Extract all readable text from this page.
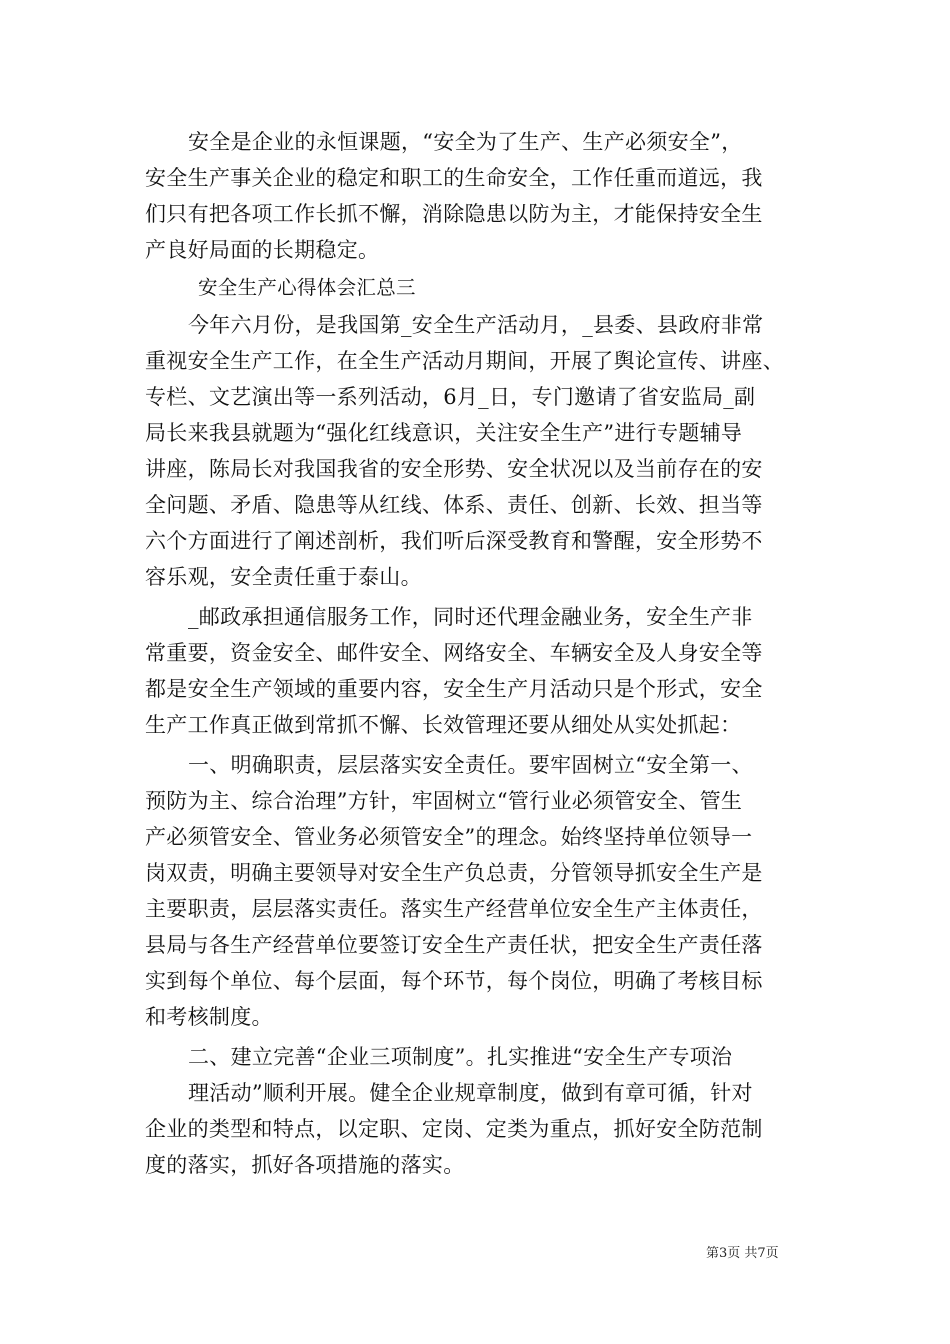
安全是企业的永恒课题，“安全为了生产、生产必须安全”，
安全生产事关企业的稳定和职工的生命安全，工作任重而道远，我
们只有把各项工作长抓不懈，消除隐患以防为主，才能保持安全生
产良好局面的长期稳定。
安全生产心得体会汇总三
今年六月份，是我国第_安全生产活动月，_县委、县政府非常
重视安全生产工作，在全生产活动月期间，开展了舆论宣传、讲座、
专栏、文艺演出等一系列活动，6月_日，专门邀请了省安监局_副
局长来我县就题为“强化红线意识，关注安全生产”进行专题辅导
讲座，陈局长对我国我省的安全形势、安全状况以及当前存在的安
全问题、矛盾、隐患等从红线、体系、责任、创新、长效、担当等
六个方面进行了阐述剖析，我们听后深受教育和警醒，安全形势不
容乐观，安全责任重于泰山。
_邮政承担通信服务工作，同时还代理金融业务，安全生产非
常重要，资金安全、邮件安全、网络安全、车辆安全及人身安全等
都是安全生产领域的重要内容，安全生产月活动只是个形式，安全
生产工作真正做到常抓不懈、长效管理还要从细处从实处抓起：
一、明确职责，层层落实安全责任。要牢固树立“安全第一、
预防为主、综合治理”方针，牢固树立“管行业必须管安全、管生
产必须管安全、管业务必须管安全”的理念。始终坚持单位领导一
岗双责，明确主要领导对安全生产负总责，分管领导抓安全生产是
主要职责，层层落实责任。落实生产经营单位安全生产主体责任，
县局与各生产经营单位要签订安全生产责任状，把安全生产责任落
实到每个单位、每个层面，每个环节，每个岗位，明确了考核目标
和考核制度。
二、建立完善“企业三项制度”。扎实推进“安全生产专项治
理活动”顺利开展。健全企业规章制度，做到有章可循，针对
企业的类型和特点，以定职、定岗、定类为重点，抓好安全防范制
度的落实，抓好各项措施的落实。
第3页 共7页
